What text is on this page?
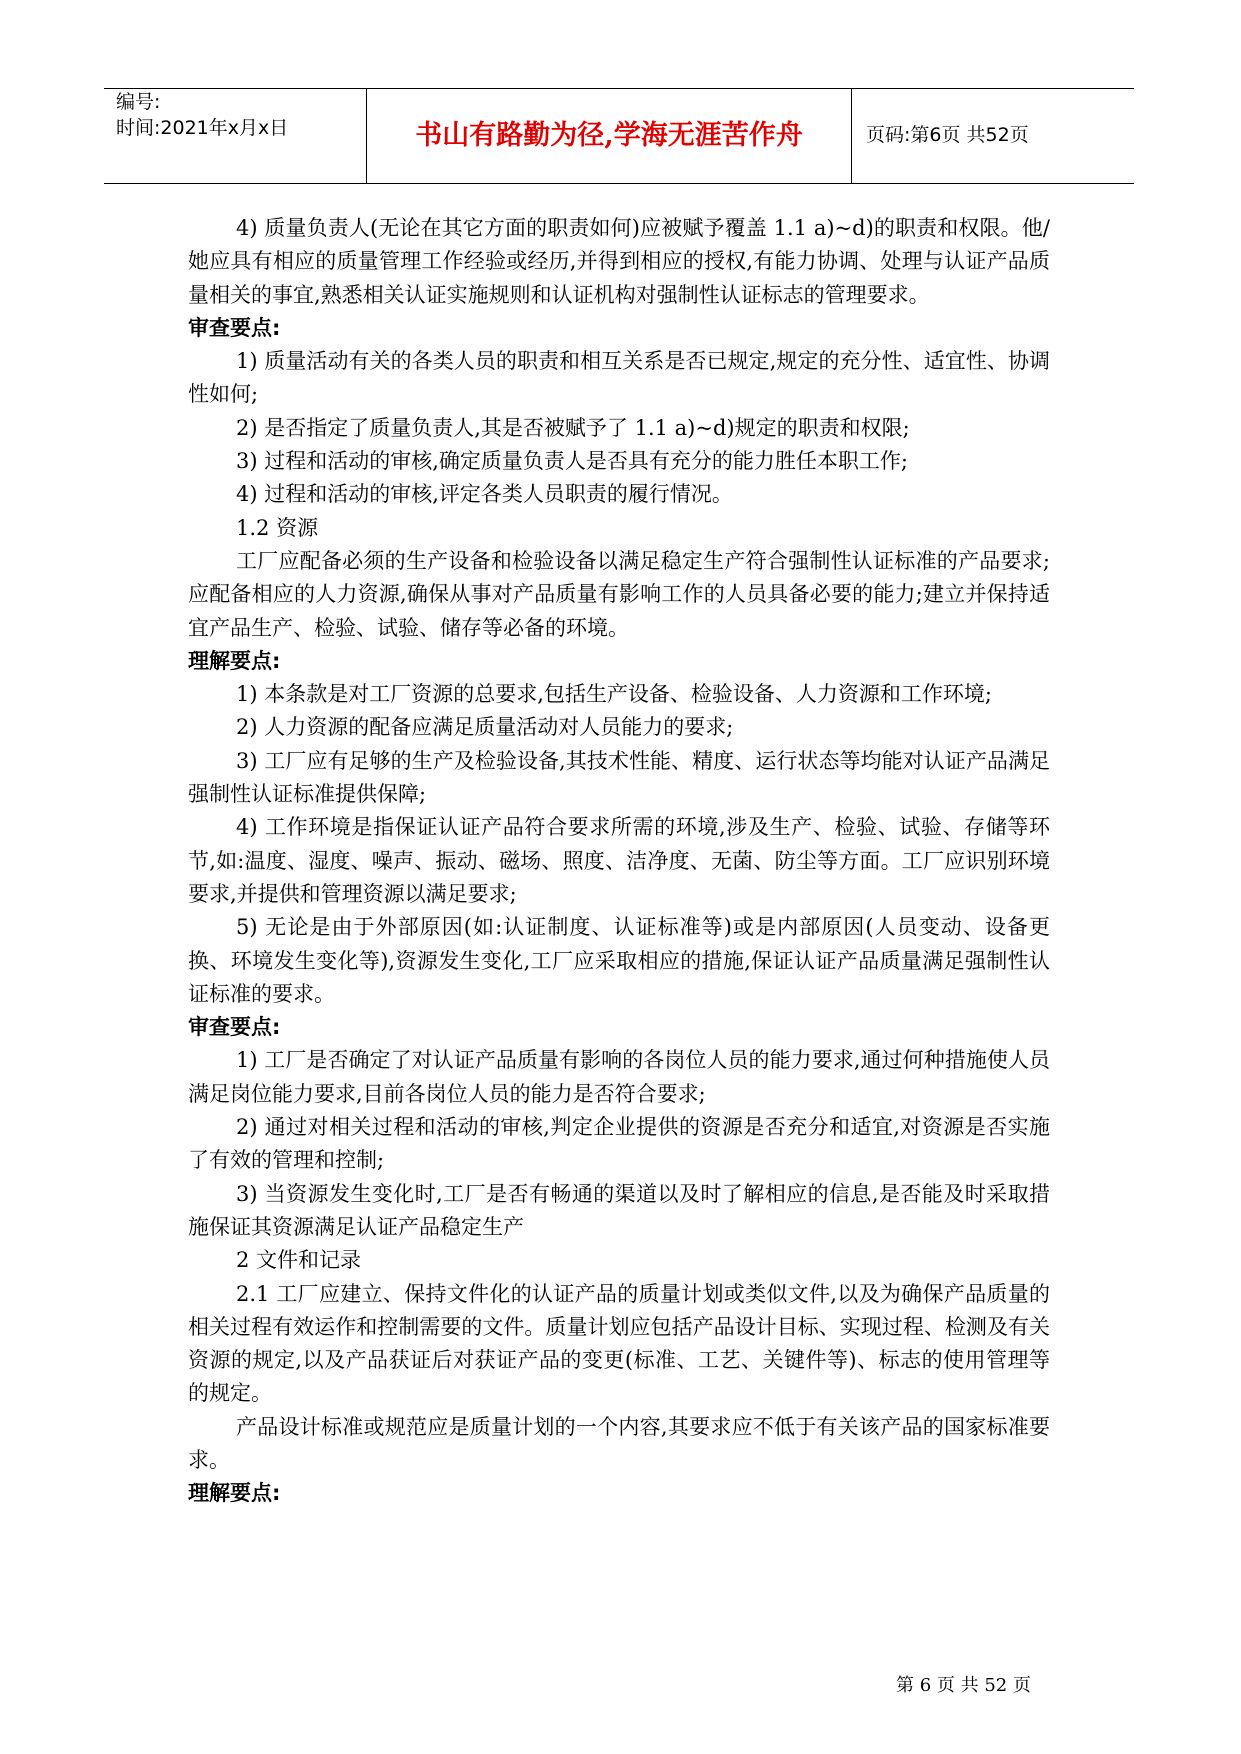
编号:
时间:2021年x月x日	书山有路勤为径,学海无涯苦作舟	页码:第6页 共52页

4) 质量负责人(无论在其它方面的职责如何)应被赋予覆盖 1.1 a)~d)的职责和权限。他/她应具有相应的质量管理工作经验或经历,并得到相应的授权,有能力协调、处理与认证产品质量相关的事宜,熟悉相关认证实施规则和认证机构对强制性认证标志的管理要求。

审查要点:

1) 质量活动有关的各类人员的职责和相互关系是否已规定,规定的充分性、适宜性、协调性如何;

2) 是否指定了质量负责人,其是否被赋予了 1.1 a)~d)规定的职责和权限;

3) 过程和活动的审核,确定质量负责人是否具有充分的能力胜任本职工作;

4) 过程和活动的审核,评定各类人员职责的履行情况。

1.2 资源

工厂应配备必须的生产设备和检验设备以满足稳定生产符合强制性认证标准的产品要求;应配备相应的人力资源,确保从事对产品质量有影响工作的人员具备必要的能力;建立并保持适宜产品生产、检验、试验、储存等必备的环境。

理解要点:

1) 本条款是对工厂资源的总要求,包括生产设备、检验设备、人力资源和工作环境;

2) 人力资源的配备应满足质量活动对人员能力的要求;

3) 工厂应有足够的生产及检验设备,其技术性能、精度、运行状态等均能对认证产品满足强制性认证标准提供保障;

4) 工作环境是指保证认证产品符合要求所需的环境,涉及生产、检验、试验、存储等环节,如:温度、湿度、噪声、振动、磁场、照度、洁净度、无菌、防尘等方面。工厂应识别环境要求,并提供和管理资源以满足要求;

5) 无论是由于外部原因(如:认证制度、认证标准等)或是内部原因(人员变动、设备更换、环境发生变化等),资源发生变化,工厂应采取相应的措施,保证认证产品质量满足强制性认证标准的要求。

审查要点:

1) 工厂是否确定了对认证产品质量有影响的各岗位人员的能力要求,通过何种措施使人员满足岗位能力要求,目前各岗位人员的能力是否符合要求;

2) 通过对相关过程和活动的审核,判定企业提供的资源是否充分和适宜,对资源是否实施了有效的管理和控制;

3) 当资源发生变化时,工厂是否有畅通的渠道以及时了解相应的信息,是否能及时采取措施保证其资源满足认证产品稳定生产

2 文件和记录

2.1 工厂应建立、保持文件化的认证产品的质量计划或类似文件,以及为确保产品质量的相关过程有效运作和控制需要的文件。质量计划应包括产品设计目标、实现过程、检测及有关资源的规定,以及产品获证后对获证产品的变更(标准、工艺、关键件等)、标志的使用管理等的规定。

产品设计标准或规范应是质量计划的一个内容,其要求应不低于有关该产品的国家标准要求。

理解要点:

第 6 页 共 52 页
